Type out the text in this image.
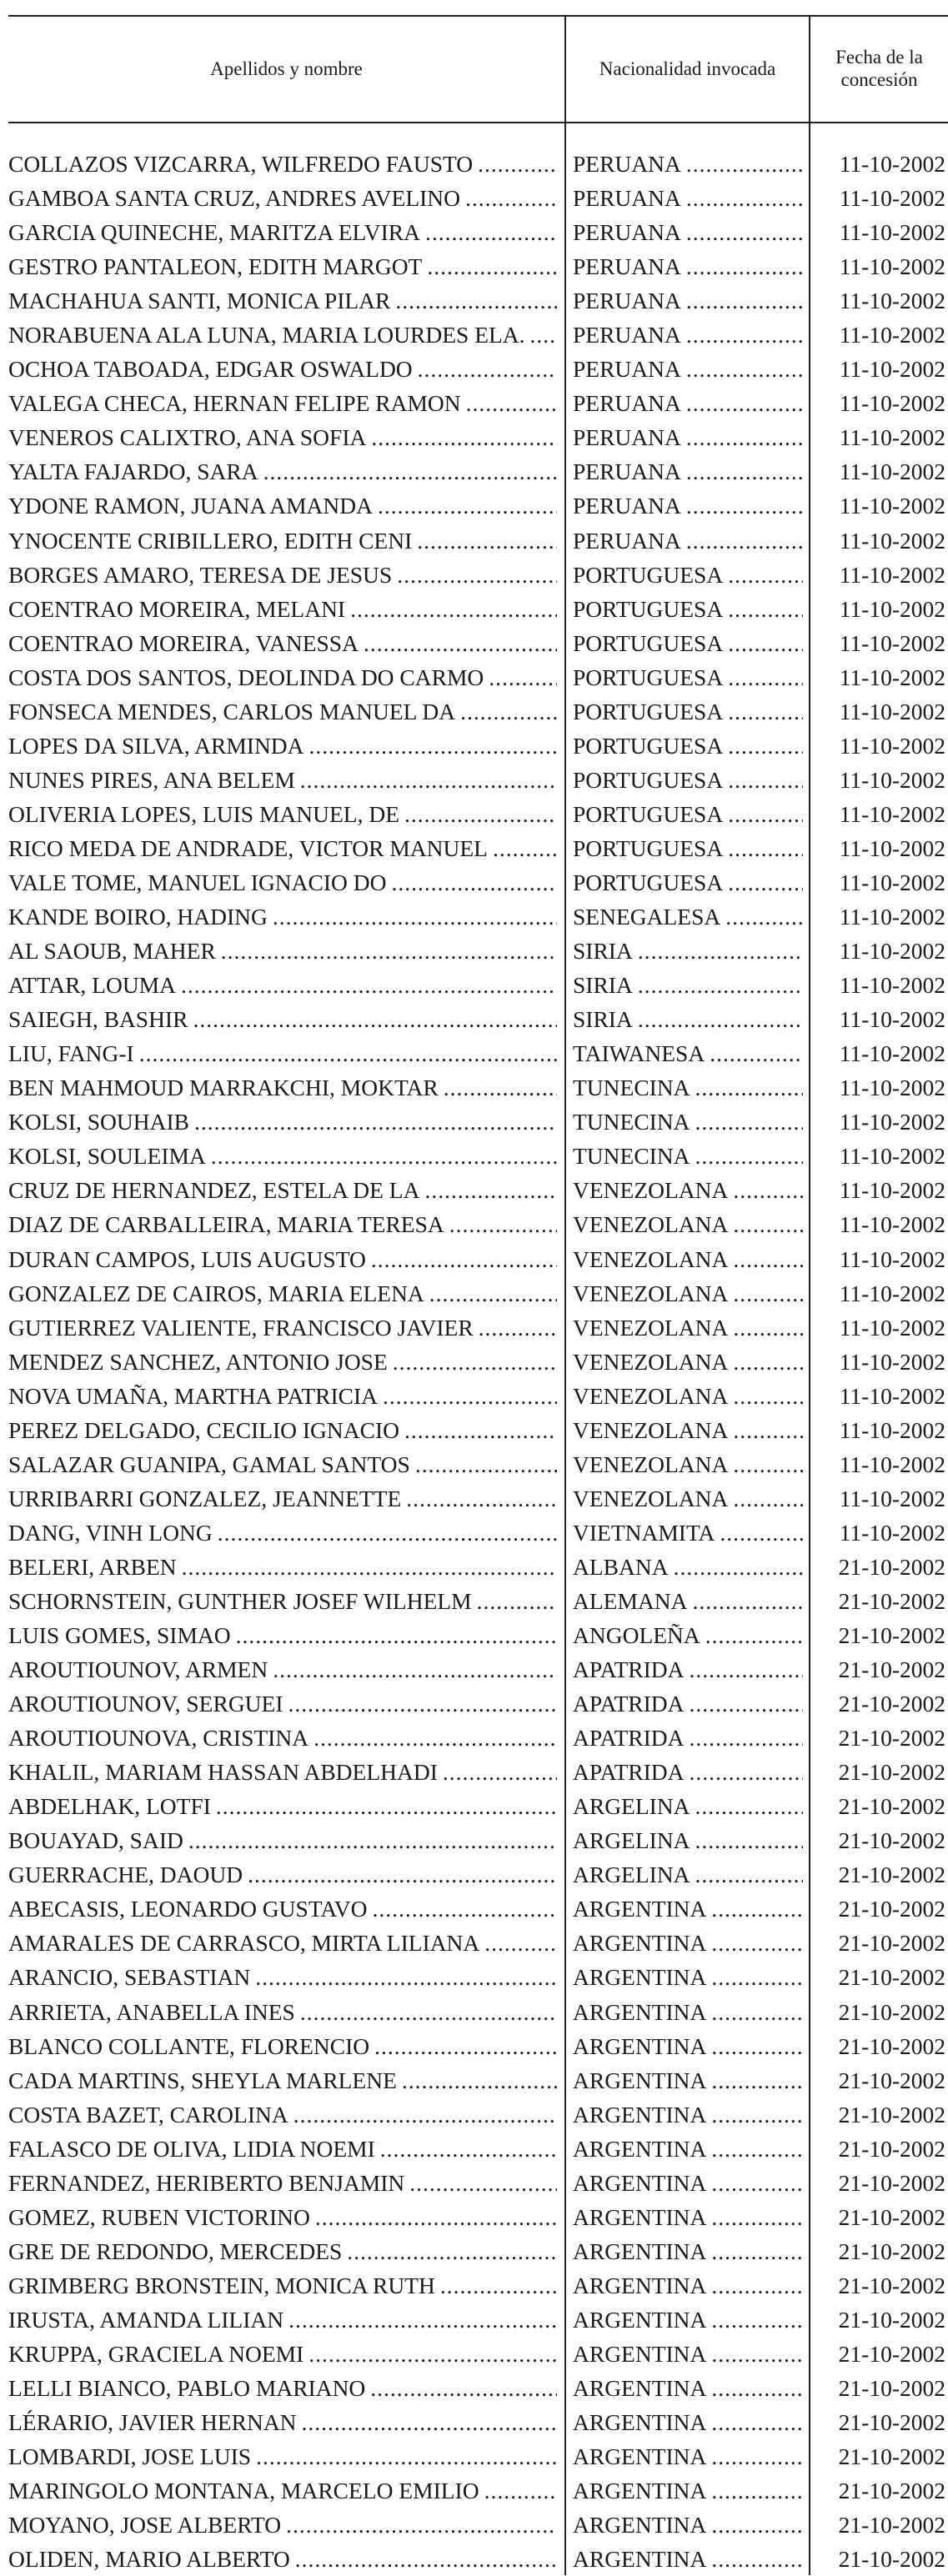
Apellidos y nombre	Nacionalidad invocada
Fecha de la concesión
COLLAZOS VIZCARRA, WILFREDO FAUSTO .....	PERUANA .....	11-10-2002
GAMBOA SANTA CRUZ, ANDRES AVELINO .....	PERUANA .....	11-10-2002
GARCIA QUINECHE, MARITZA ELVIRA .....	PERUANA .....	11-10-2002
GESTRO PANTALEON, EDITH MARGOT .....	PERUANA .....	11-10-2002
MACHAHUA SANTI, MONICA PILAR .....	PERUANA .....	11-10-2002
NORABUENA ALA LUNA, MARIA LOURDES ELA. ..... PERUANA .....	11-10-2002
OCHOA TABOADA, EDGAR OSWALDO .....	PERUANA .....	11-10-2002
VALEGA CHECA, HERNAN FELIPE RAMON .....	PERUANA .....	11-10-2002
VENEROS CALIXTRO, ANA SOFIA .....	PERUANA .....	11-10-2002
YALTA FAJARDO, SARA .....	PERUANA .....	11-10-2002
YDONE RAMON, JUANA AMANDA .....	PERUANA .....	11-10-2002
YNOCENTE CRIBILLERO, EDITH CENI .....	PERUANA .....	11-10-2002
BORGES AMARO, TERESA DE JESUS .....	PORTUGUESA .....	11-10-2002
COENTRAO MOREIRA, MELANI .....	PORTUGUESA .....	11-10-2002
COENTRAO MOREIRA, VANESSA .....	PORTUGUESA .....	11-10-2002
COSTA DOS SANTOS, DEOLINDA DO CARMO .....	PORTUGUESA .....	11-10-2002
FONSECA MENDES, CARLOS MANUEL DA .....	PORTUGUESA .....	11-10-2002
LOPES DA SILVA, ARMINDA .....	PORTUGUESA .....	11-10-2002
NUNES PIRES, ANA BELEM .....	PORTUGUESA .....	11-10-2002
OLIVERIA LOPES, LUIS MANUEL, DE .....	PORTUGUESA .....	11-10-2002
RICO MEDA DE ANDRADE, VICTOR MANUEL .....	PORTUGUESA .....	11-10-2002
VALE TOME, MANUEL IGNACIO DO .....	PORTUGUESA .....	11-10-2002
KANDE BOIRO, HADING .....	SENEGALESA .....	11-10-2002
AL SAOUB, MAHER .....	SIRIA .....	11-10-2002
ATTAR, LOUMA .....	SIRIA .....	11-10-2002
SAIEGH, BASHIR .....	SIRIA .....	11-10-2002
LIU, FANG-I .....	TAIWANESA .....	11-10-2002
BEN MAHMOUD MARRAKCHI, MOKTAR .....	TUNECINA .....	11-10-2002
KOLSI, SOUHAIB .....	TUNECINA .....	11-10-2002
KOLSI, SOULEIMA .....	TUNECINA .....	11-10-2002
CRUZ DE HERNANDEZ, ESTELA DE LA .....	VENEZOLANA .....	11-10-2002
DIAZ DE CARBALLEIRA, MARIA TERESA .....	VENEZOLANA .....	11-10-2002
DURAN CAMPOS, LUIS AUGUSTO .....	VENEZOLANA .....	11-10-2002
GONZALEZ DE CAIROS, MARIA ELENA .....	VENEZOLANA .....	11-10-2002
GUTIERREZ VALIENTE, FRANCISCO JAVIER .....	VENEZOLANA .....	11-10-2002
MENDEZ SANCHEZ, ANTONIO JOSE .....	VENEZOLANA .....	11-10-2002
NOVA UMAÑA, MARTHA PATRICIA .....	VENEZOLANA .....	11-10-2002
PEREZ DELGADO, CECILIO IGNACIO .....	VENEZOLANA .....	11-10-2002
SALAZAR GUANIPA, GAMAL SANTOS .....	VENEZOLANA .....	11-10-2002
URRIBARRI GONZALEZ, JEANNETTE .....	VENEZOLANA .....	11-10-2002
DANG, VINH LONG .....	VIETNAMITA .....	11-10-2002
BELERI, ARBEN .....	ALBANA .....	21-10-2002
SCHORNSTEIN, GUNTHER JOSEF WILHELM .....	ALEMANA .....	21-10-2002
LUIS GOMES, SIMAO .....	ANGOLEÑA .....	21-10-2002
AROUTIOUNOV, ARMEN .....	APATRIDA .....	21-10-2002
AROUTIOUNOV, SERGUEI .....	APATRIDA .....	21-10-2002
AROUTIOUNOVA, CRISTINA .....	APATRIDA .....	21-10-2002
KHALIL, MARIAM HASSAN ABDELHADI .....	APATRIDA .....	21-10-2002
ABDELHAK, LOTFI .....	ARGELINA .....	21-10-2002
BOUAYAD, SAID .....	ARGELINA .....	21-10-2002
GUERRACHE, DAOUD .....	ARGELINA .....	21-10-2002
ABECASIS, LEONARDO GUSTAVO .....	ARGENTINA .....	21-10-2002
AMARALES DE CARRASCO, MIRTA LILIANA .....	ARGENTINA .....	21-10-2002
ARANCIO, SEBASTIAN .....	ARGENTINA .....	21-10-2002
ARRIETA, ANABELLA INES .....	ARGENTINA .....	21-10-2002
BLANCO COLLANTE, FLORENCIO .....	ARGENTINA .....	21-10-2002
CADA MARTINS, SHEYLA MARLENE .....	ARGENTINA .....	21-10-2002
COSTA BAZET, CAROLINA .....	ARGENTINA .....	21-10-2002
FALASCO DE OLIVA, LIDIA NOEMI .....	ARGENTINA .....	21-10-2002
FERNANDEZ, HERIBERTO BENJAMIN .....	ARGENTINA .....	21-10-2002
GOMEZ, RUBEN VICTORINO .....	ARGENTINA .....	21-10-2002
GRE DE REDONDO, MERCEDES .....	ARGENTINA .....	21-10-2002
GRIMBERG BRONSTEIN, MONICA RUTH .....	ARGENTINA .....	21-10-2002
IRUSTA, AMANDA LILIAN .....	ARGENTINA .....	21-10-2002
KRUPPA, GRACIELA NOEMI .....	ARGENTINA .....	21-10-2002
LELLI BIANCO, PABLO MARIANO .....	ARGENTINA .....	21-10-2002
LÉRARIO, JAVIER HERNAN .....	ARGENTINA .....	21-10-2002
LOMBARDI, JOSE LUIS .....	ARGENTINA .....	21-10-2002
MARINGOLO MONTANA, MARCELO EMILIO .....	ARGENTINA .....	21-10-2002
MOYANO, JOSE ALBERTO .....	ARGENTINA .....	21-10-2002
OLIDEN, MARIO ALBERTO .....	ARGENTINA .....	21-10-2002
